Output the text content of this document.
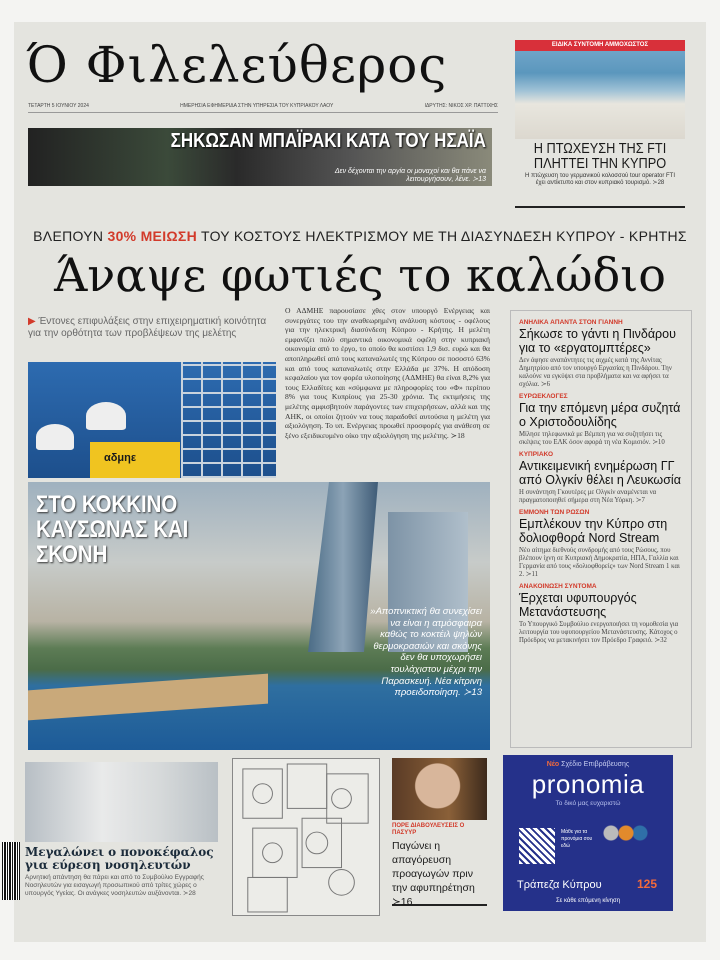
Ό Φιλελεύθερος
ΤΕΤΑΡΤΗ 5 ΙΟΥΝΙΟΥ 2024	ΗΜΕΡΗΣΙΑ ΕΦΗΜΕΡΙΔΑ ΣΤΗΝ ΥΠΗΡΕΣΙΑ ΤΟΥ ΚΥΠΡΙΑΚΟΥ ΛΑΟΥ	ΙΔΡΥΤΗΣ: ΝΙΚΟΣ ΧΡ. ΠΑΤΤΙΧΗΣ
ΣΗΚΩΣΑΝ ΜΠΑΪΡΑΚΙ ΚΑΤΑ ΤΟΥ ΗΣΑΪΑ

Δεν δέχονται την αργία οι μοναχοί και θα πάνε να λειτουργήσουν, λένε. ≻13

ΕΙΔΙΚΑ ΣΥΝΤΟΜΗ ΑΜΜΟΧΩΣΤΟΣ
Η ΠΤΩΧΕΥΣΗ ΤΗΣ FTI ΠΛΗΤΤΕΙ ΤΗΝ ΚΥΠΡΟ

Η πτώχευση του γερμανικού κολοσσού tour operator FTI έχει αντίκτυπο και στον κυπριακό τουρισμό. ≻28

ΒΛΕΠΟΥΝ 30% ΜΕΙΩΣΗ ΤΟΥ ΚΟΣΤΟΥΣ ΗΛΕΚΤΡΙΣΜΟΥ ΜΕ ΤΗ ΔΙΑΣΥΝΔΕΣΗ ΚΥΠΡΟΥ - ΚΡΗΤΗΣ
Άναψε φωτιές το καλώδιο
▶ Έντονες επιφυλάξεις στην επιχειρηματική κοινότητα για την ορθότητα των προβλέψεων της μελέτης
αδμηε
Ο ΑΔΜΗΕ παρουσίασε χθες στον υπουργό Ενέργειας και συνεργάτες του την αναθεωρημένη ανάλυση κόστους - οφέλους για την ηλεκτρική διασύνδεση Κύπρου - Κρήτης. Η μελέτη εμφανίζει πολύ σημαντικά οικονομικά οφέλη στην κυπριακή οικονομία από το έργο, το οποίο θα κοστίσει 1,9 δισ. ευρώ και θα αποπληρωθεί από τους καταναλωτές της Κύπρου σε ποσοστό 63% και από τους καταναλωτές στην Ελλάδα με 37%. Η απόδοση κεφαλαίου για τον φορέα υλοποίησης (ΑΔΜΗΕ) θα είναι 8,2% για τους Ελλαδίτες και «σύμφωνα με πληροφορίες του «Φ» περίπου 8% για τους Κυπρίους για 25-30 χρόνια. Τις εκτιμήσεις της μελέτης αμφισβητούν παράγοντες των επιχειρήσεων, αλλά και της ΑΗΚ, οι οποίοι ζητούν να τους παραδοθεί αυτούσια η μελέτη για αξιολόγηση. Το υπ. Ενέργειας προωθεί προσφορές για ανάθεση σε ξένο εξειδικευμένο οίκο την αξιολόγηση της μελέτης. ≻18
ΑΝΗΛΙΚΑ ΑΠΑΝΤΑ ΣΤΟΝ ΓΙΑΝΝΗ
Σήκωσε το γάντι η Πινδάρου για το «εργατομπτέρες»

Δεν άφησε αναπάντητες τις αιχμές κατά της Αννίτας Δημητρίου από τον υπουργό Εργασίας η Πινδάρου. Την καλούνε να εγκύψει στα προβλήματα και να αφήσει τα σχόλια. ≻6

ΕΥΡΩΕΚΛΟΓΕΣ
Για την επόμενη μέρα συζητά ο Χριστοδουλίδης

Μίλησε τηλεφωνικά με Βέμπεη για να συζητήσει τις σκέψεις του ΕΛΚ όσον αφορά τη νέα Κομισιόν. ≻10

ΚΥΠΡΙΑΚΟ
Αντικειμενική ενημέρωση ΓΓ από Ολγκίν θέλει η Λευκωσία

Η συνάντηση Γκουτέρες με Ολγκίν αναμένεται να πραγματοποιηθεί σήμερα στη Νέα Υόρκη. ≻7

ΕΜΜΟΝΗ ΤΩΝ ΡΩΣΩΝ
Εμπλέκουν την Κύπρο στη δολιοφθορά Nord Stream

Νέο αίτημα διεθνούς συνδρομής από τους Ρώσους, που βλέπουν ίχνη σε Κυπριακή Δημοκρατία, ΗΠΑ, Γαλλία και Γερμανία από τους «δολιοφθορείς» των Nord Stream 1 και 2. ≻11

ΑΝΑΚΟΙΝΩΣΗ ΣΥΝΤΟΜΑ
Έρχεται υφυπουργός Μετανάστευσης

Το Υπουργικό Συμβούλιο ενεργοποιήσει τη νομοθεσία για λειτουργία του υφυπουργείου Μετανάστευσης. Κάτοχος ο Πρόεδρος να μετακινήσει τον Πρόεδρο Γραφειό. ≻32

ΣΤΟ ΚΟΚΚΙΝΟ ΚΑΥΣΩΝΑΣ ΚΑΙ ΣΚΟΝΗ
»Αποπνικτική θα συνεχίσει να είναι η ατμόσφαιρα καθώς το κοκτέιλ ψηλών θερμοκρασιών και σκόνης δεν θα υποχωρήσει τουλάχιστον μέχρι την Παρασκευή. Νέα κίτρινη προειδοποίηση. ≻13
Μεγαλώνει ο πονοκέφαλος για εύρεση νοσηλευτών

Αρνητική απάντηση θα πάρει και από το Συμβούλιο Εγγραφής Νοσηλευτών για εισαγωγή προσωπικού από τρίτες χώρες ο υπουργός Υγείας. Οι ανάγκες νοσηλευτών αυξάνονται. ≻28

ΠΟΡΕ ΔΙΑΒΟΥΛΕΥΣΕΙΣ Ο ΠΑΣΥΥΡ
Παγώνει η απαγόρευση προαγωγών πριν την αφυπηρέτηση ≻16
Νέο Σχέδιο Επιβράβευσης
pronomia
Το δικό μας ευχαριστώ
Μάθε για τα προνόμια σου εδώ
Τράπεζα Κύπρου	125
Σε κάθε επόμενη κίνηση
